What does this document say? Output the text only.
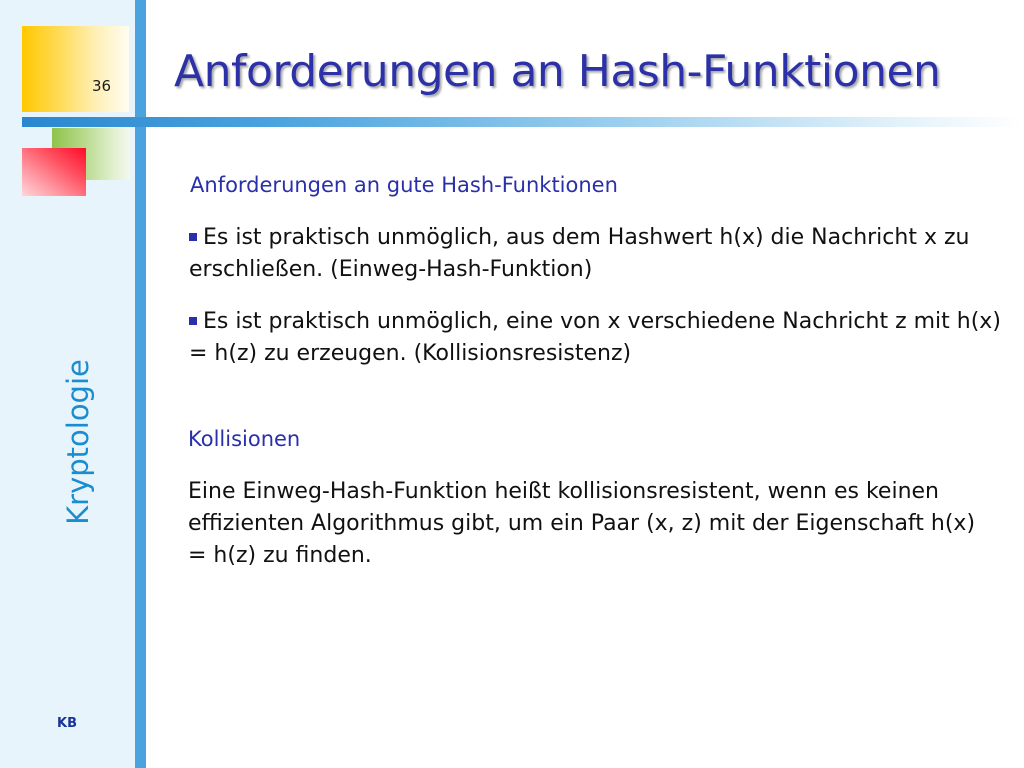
36
Kryptologie
KB
Anforderungen an Hash-Funktionen
Anforderungen an gute Hash-Funktionen
Es ist praktisch unmöglich, aus dem Hashwert h(x) die Nachricht x zu erschließen. (Einweg-Hash-Funktion)
Es ist praktisch unmöglich, eine von x verschiedene Nachricht z mit h(x) = h(z) zu erzeugen. (Kollisionsresistenz)
Kollisionen
Eine Einweg-Hash-Funktion heißt kollisionsresistent, wenn es keinen effizienten Algorithmus gibt, um ein Paar (x, z) mit der Eigenschaft h(x) = h(z) zu finden.
